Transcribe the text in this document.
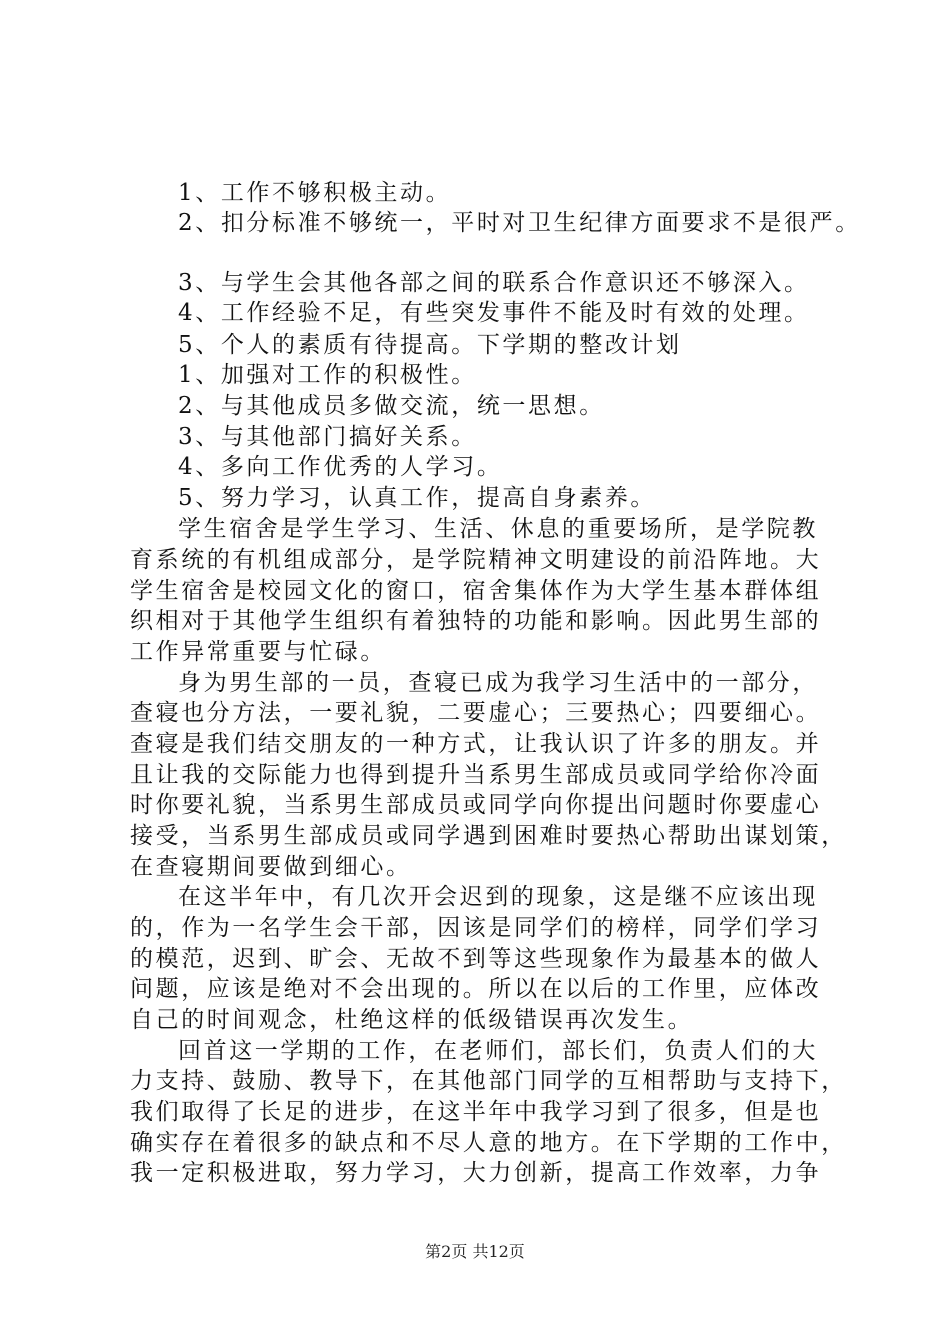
1、工作不够积极主动。
2、扣分标准不够统一，平时对卫生纪律方面要求不是很严。
3、与学生会其他各部之间的联系合作意识还不够深入。
4、工作经验不足，有些突发事件不能及时有效的处理。
5、个人的素质有待提高。下学期的整改计划
1、加强对工作的积极性。
2、与其他成员多做交流，统一思想。
3、与其他部门搞好关系。
4、多向工作优秀的人学习。
5、努力学习，认真工作，提高自身素养。
学生宿舍是学生学习、生活、休息的重要场所，是学院教
育系统的有机组成部分，是学院精神文明建设的前沿阵地。大
学生宿舍是校园文化的窗口，宿舍集体作为大学生基本群体组
织相对于其他学生组织有着独特的功能和影响。因此男生部的
工作异常重要与忙碌。
身为男生部的一员，查寝已成为我学习生活中的一部分，
查寝也分方法，一要礼貌，二要虚心；三要热心；四要细心。
查寝是我们结交朋友的一种方式，让我认识了许多的朋友。并
且让我的交际能力也得到提升当系男生部成员或同学给你冷面
时你要礼貌，当系男生部成员或同学向你提出问题时你要虚心
接受，当系男生部成员或同学遇到困难时要热心帮助出谋划策，
在查寝期间要做到细心。
在这半年中，有几次开会迟到的现象，这是继不应该出现
的，作为一名学生会干部，因该是同学们的榜样，同学们学习
的模范，迟到、旷会、无故不到等这些现象作为最基本的做人
问题，应该是绝对不会出现的。所以在以后的工作里，应体改
自己的时间观念，杜绝这样的低级错误再次发生。
回首这一学期的工作，在老师们，部长们，负责人们的大
力支持、鼓励、教导下，在其他部门同学的互相帮助与支持下，
我们取得了长足的进步，在这半年中我学习到了很多，但是也
确实存在着很多的缺点和不尽人意的地方。在下学期的工作中，
我一定积极进取，努力学习，大力创新，提高工作效率，力争
第2页 共12页
